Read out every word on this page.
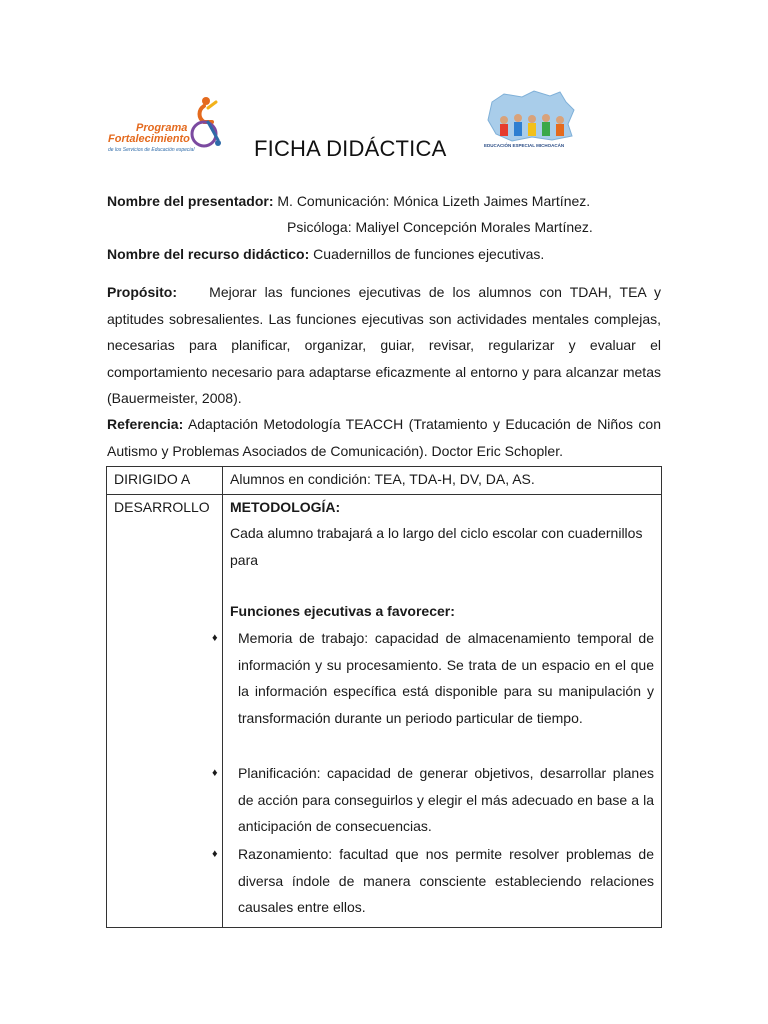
Programa
Fortalecimiento
de los Servicios de Educación especial	FICHA DIDÁCTICA	EDUCACIÓN ESPECIAL MICHOACÁN
Nombre del presentador: M. Comunicación: Mónica Lizeth Jaimes Martínez.
Psicóloga: Maliyel Concepción Morales Martínez.
Nombre del recurso didáctico: Cuadernillos de funciones ejecutivas.
Propósito: Mejorar las funciones ejecutivas de los alumnos con TDAH, TEA y aptitudes sobresalientes. Las funciones ejecutivas son actividades mentales complejas, necesarias para planificar, organizar, guiar, revisar, regularizar y evaluar el comportamiento necesario para adaptarse eficazmente al entorno y para alcanzar metas (Bauermeister, 2008).
Referencia: Adaptación Metodología TEACCH (Tratamiento y Educación de Niños con Autismo y Problemas Asociados de Comunicación). Doctor Eric Schopler.
DIRIGIDO A	Alumnos en condición: TEA, TDA-H, DV, DA, AS.
DESARROLLO METODOLOGÍA:
Cada alumno trabajará a lo largo del ciclo escolar con cuadernillos para
Funciones ejecutivas a favorecer:
♦ Memoria de trabajo: capacidad de almacenamiento temporal de información y su procesamiento. Se trata de un espacio en el que la información específica está disponible para su manipulación y transformación durante un periodo particular de tiempo.
♦ Planificación: capacidad de generar objetivos, desarrollar planes de acción para conseguirlos y elegir el más adecuado en base a la anticipación de consecuencias.
♦ Razonamiento: facultad que nos permite resolver problemas de diversa índole de manera consciente estableciendo relaciones causales entre ellos.
